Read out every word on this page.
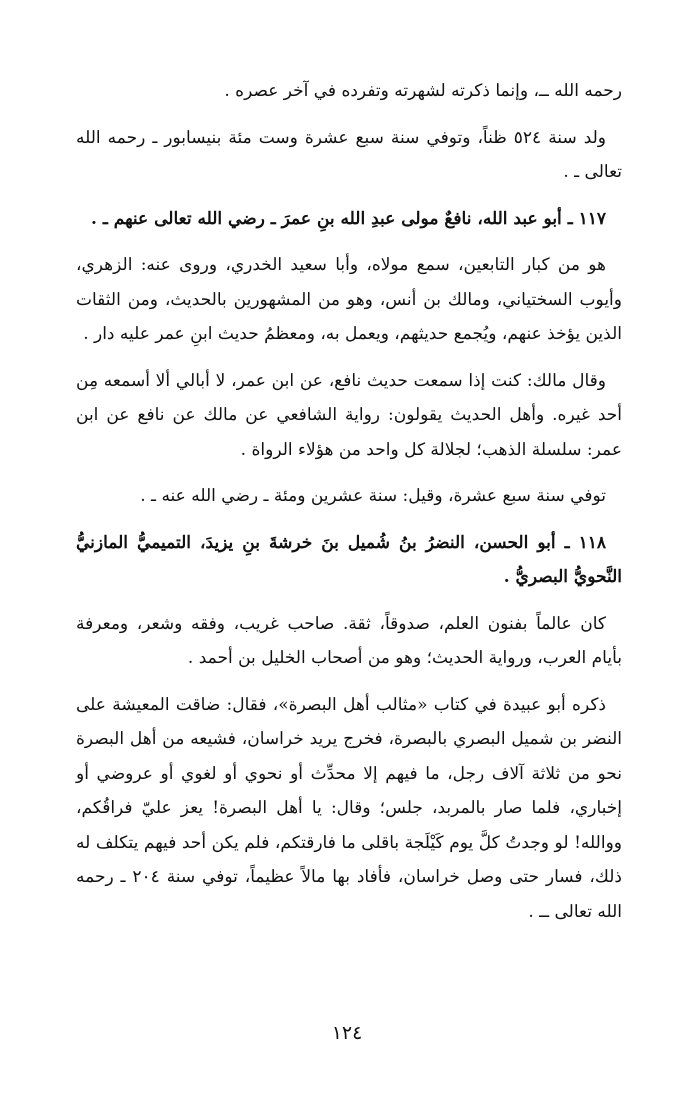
رحمه الله ــ، وإنما ذكرته لشهرته وتفرده في آخر عصره .

ولد سنة ٥٢٤ ظناً، وتوفي سنة سبع عشرة وست مئة بنيسابور ـ رحمه الله تعالى ـ .

١١٧ ـ أبو عبد الله، نافعٌ مولى عبدِ الله بنِ عمرَ ـ رضي الله تعالى عنهم ـ .

هو من كبار التابعين، سمع مولاه، وأبا سعيد الخدري، وروى عنه: الزهري، وأيوب السختياني، ومالك بن أنس، وهو من المشهورين بالحديث، ومن الثقات الذين يؤخذ عنهم، ويُجمع حديثهم، ويعمل به، ومعظمُ حديث ابنِ عمر عليه دار .

وقال مالك: كنت إذا سمعت حديث نافع، عن ابن عمر، لا أبالي ألا أسمعه مِن أحد غيره. وأهل الحديث يقولون: رواية الشافعي عن مالك عن نافع عن ابن عمر: سلسلة الذهب؛ لجلالة كل واحد من هؤلاء الرواة .

توفي سنة سبع عشرة، وقيل: سنة عشرين ومئة ـ رضي الله عنه ـ .

١١٨ ـ أبو الحسن، النضرُ بنُ شُميل بنَ خرشةَ بنِ يزيدَ، التميميُّ المازنيُّ النَّحويُّ البصريُّ .

كان عالماً بفنون العلم، صدوقاً، ثقة. صاحب غريب، وفقه وشعر، ومعرفة بأيام العرب، ورواية الحديث؛ وهو من أصحاب الخليل بن أحمد .

ذكره أبو عبيدة في كتاب «مثالب أهل البصرة»، فقال: ضاقت المعيشة على النضر بن شميل البصري بالبصرة، فخرج يريد خراسان، فشيعه من أهل البصرة نحو من ثلاثة آلاف رجل، ما فيهم إلا محدِّث أو نحوي أو لغوي أو عروضي أو إخباري، فلما صار بالمربد، جلس؛ وقال: يا أهل البصرة! يعز عليّ فراقُكم، ووالله! لو وجدتُ كلَّ يوم كَيْلَجة باقلى ما فارقتكم، فلم يكن أحد فيهم يتكلف له ذلك، فسار حتى وصل خراسان، فأفاد بها مالاً عظيماً، توفي سنة ٢٠٤ ـ رحمه الله تعالى ــ .

١٢٤
